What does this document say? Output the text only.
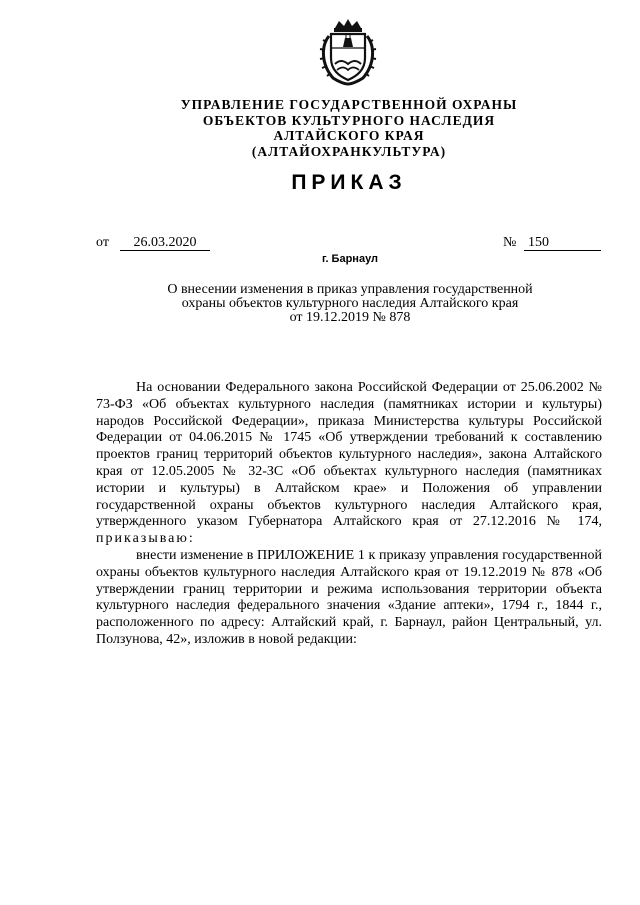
УПРАВЛЕНИЕ ГОСУДАРСТВЕННОЙ ОХРАНЫ
ОБЪЕКТОВ КУЛЬТУРНОГО НАСЛЕДИЯ
АЛТАЙСКОГО КРАЯ
(АЛТАЙОХРАНКУЛЬТУРА)
ПРИКАЗ
от	26.03.2020	№ 150
г. Барнаул
О внесении изменения в приказ управления государственной
охраны объектов культурного наследия Алтайского края
от 19.12.2019 № 878

На основании Федерального закона Российской Федерации от 25.06.2002 № 73-ФЗ «Об объектах культурного наследия (памятниках истории и культуры) народов Российской Федерации», приказа Министерства культуры Российской Федерации от 04.06.2015 № 1745 «Об утверждении требований к составлению проектов границ территорий объектов культурного наследия», закона Алтайского края от 12.05.2005 № 32-ЗС «Об объектах культурного наследия (памятниках истории и культуры) в Алтайском крае» и Положения об управлении государственной охраны объектов культурного наследия Алтайского края, утвержденного указом Губернатора Алтайского края от 27.12.2016 № 174, приказываю:

внести изменение в ПРИЛОЖЕНИЕ 1 к приказу управления государственной охраны объектов культурного наследия Алтайского края от 19.12.2019 № 878 «Об утверждении границ территории и режима использования территории объекта культурного наследия федерального значения «Здание аптеки», 1794 г., 1844 г., расположенного по адресу: Алтайский край, г. Барнаул, район Центральный, ул. Ползунова, 42», изложив в новой редакции:
